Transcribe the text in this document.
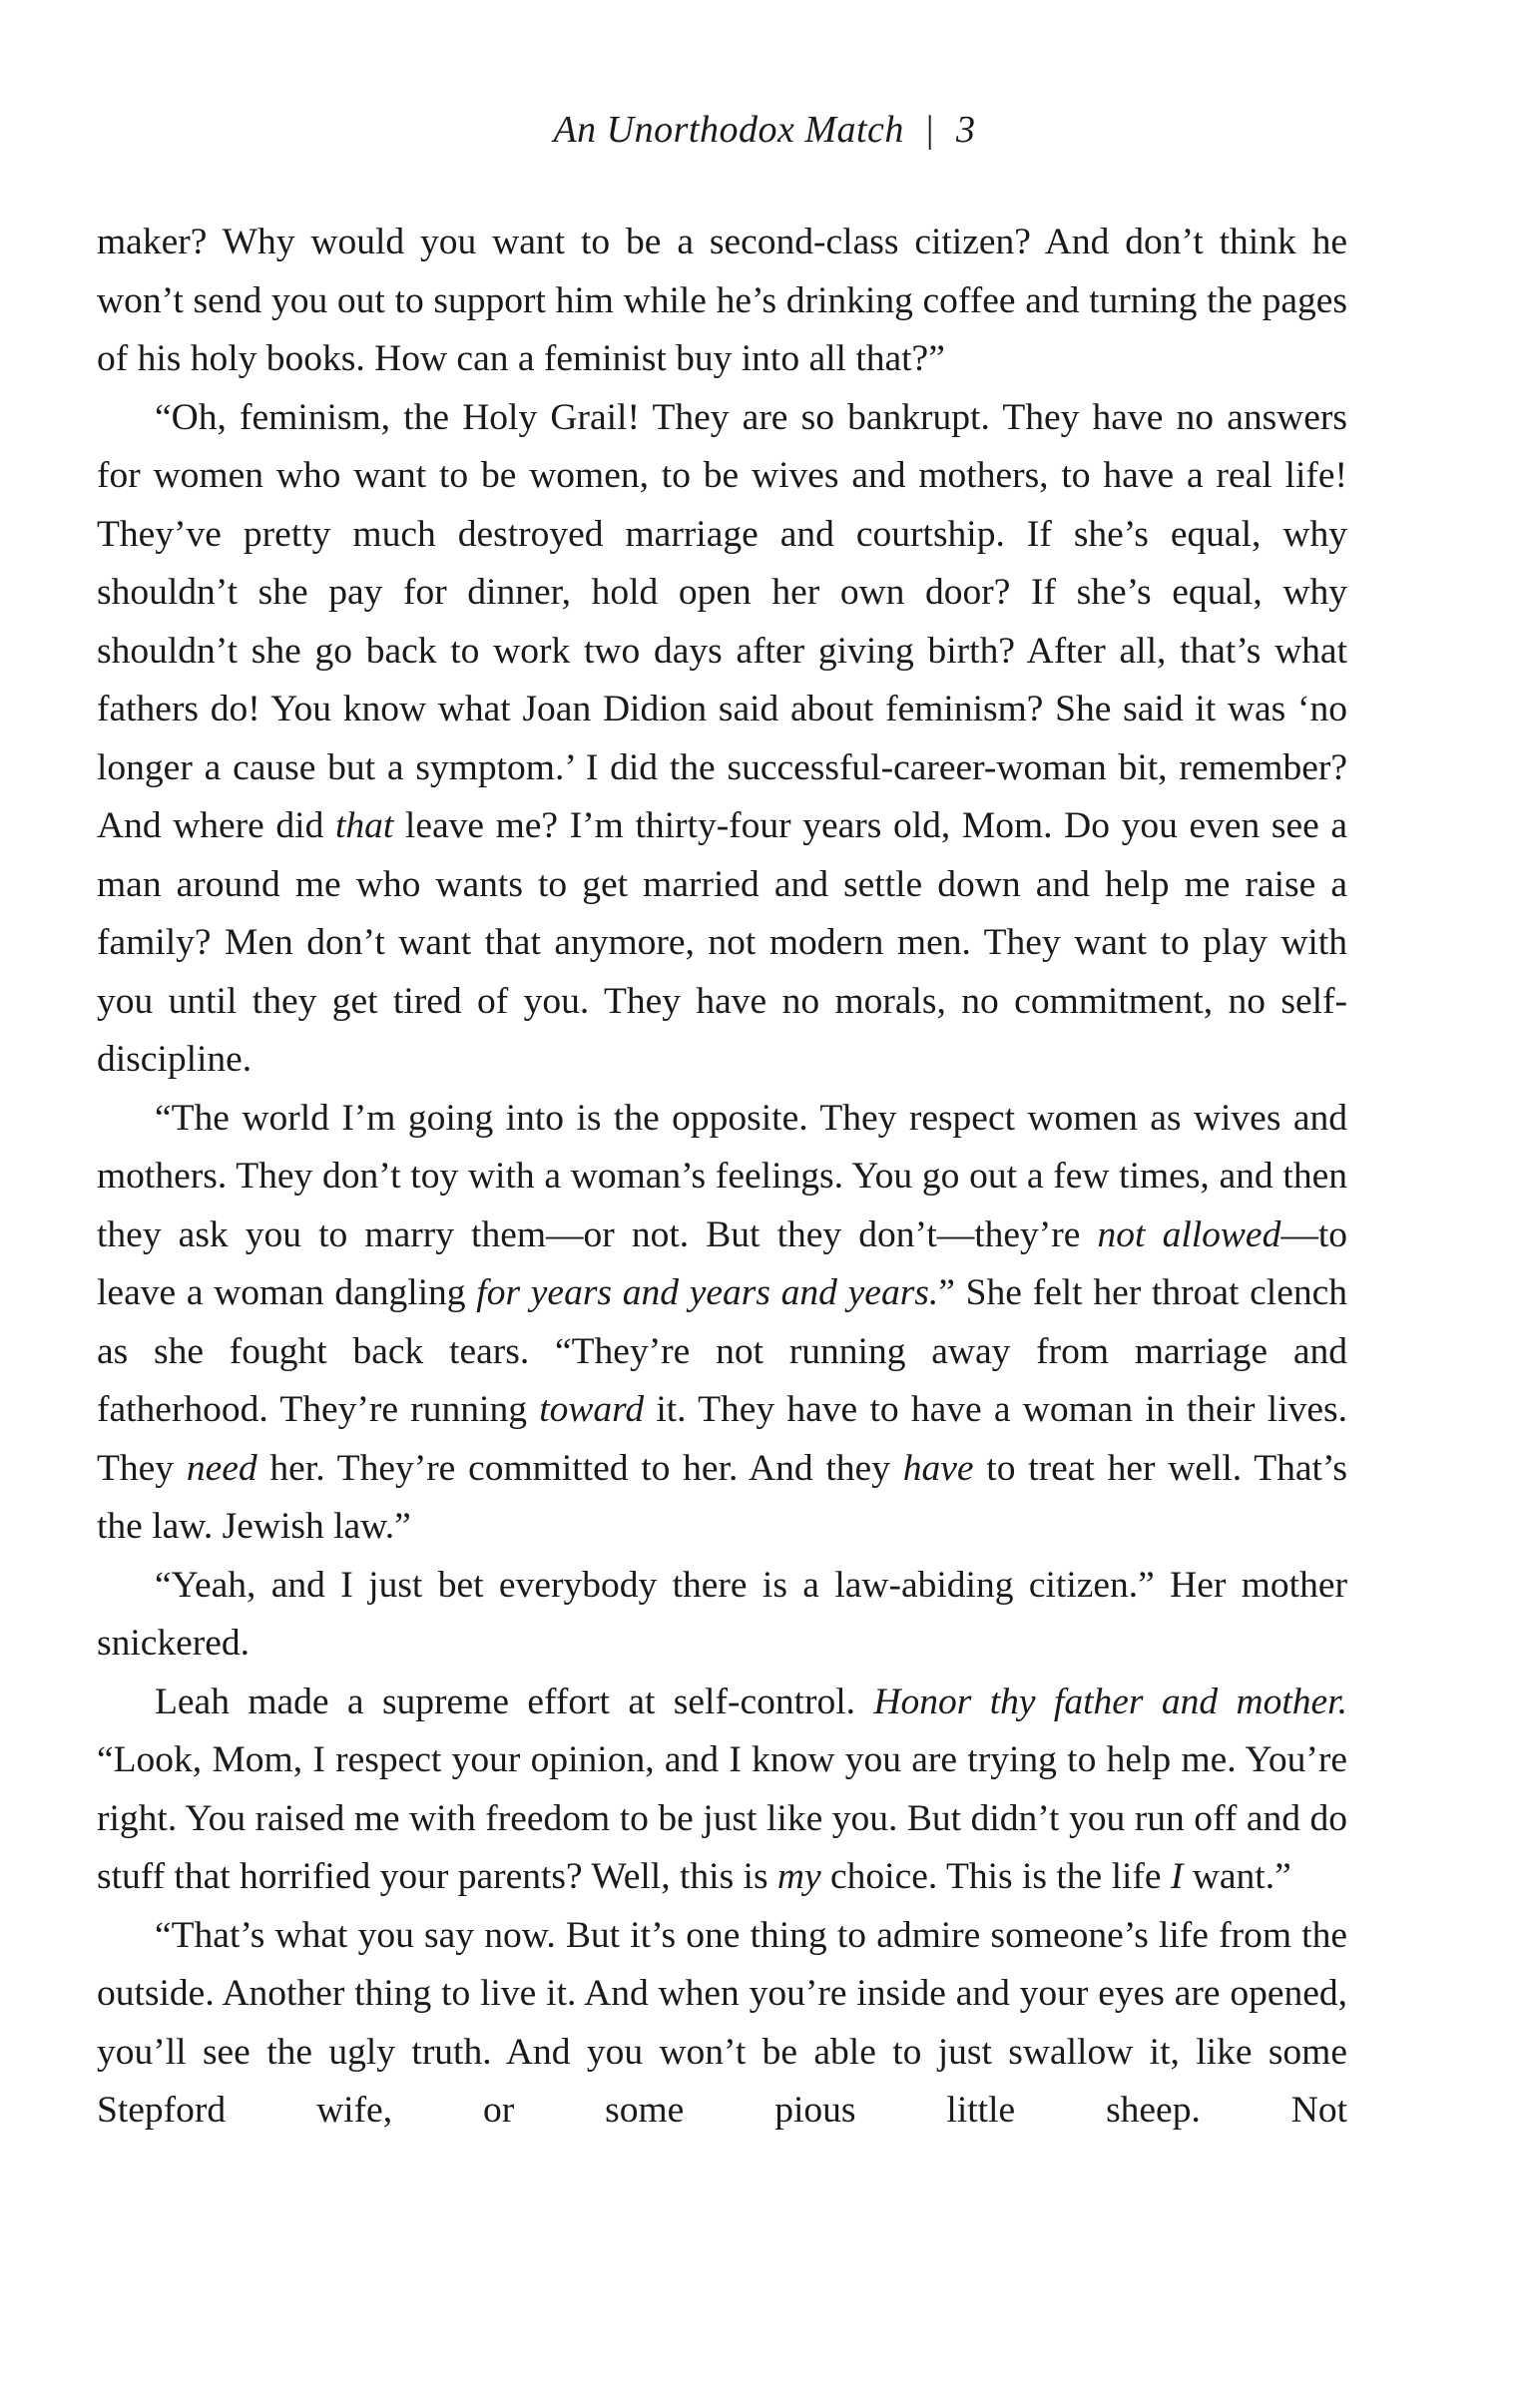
An Unorthodox Match | 3

maker? Why would you want to be a second-class citizen? And don’t think he won’t send you out to support him while he’s drinking coffee and turning the pages of his holy books. How can a feminist buy into all that?”

“Oh, feminism, the Holy Grail! They are so bankrupt. They have no answers for women who want to be women, to be wives and mothers, to have a real life! They’ve pretty much destroyed marriage and courtship. If she’s equal, why shouldn’t she pay for dinner, hold open her own door? If she’s equal, why shouldn’t she go back to work two days after giving birth? After all, that’s what fathers do! You know what Joan Didion said about feminism? She said it was ‘no longer a cause but a symptom.’ I did the successful-career-woman bit, remember? And where did that leave me? I’m thirty-four years old, Mom. Do you even see a man around me who wants to get married and settle down and help me raise a family? Men don’t want that anymore, not modern men. They want to play with you until they get tired of you. They have no morals, no commitment, no self-discipline.

“The world I’m going into is the opposite. They respect women as wives and mothers. They don’t toy with a woman’s feelings. You go out a few times, and then they ask you to marry them—or not. But they don’t—they’re not allowed—to leave a woman dangling for years and years and years.” She felt her throat clench as she fought back tears. “They’re not running away from marriage and fatherhood. They’re running toward it. They have to have a woman in their lives. They need her. They’re committed to her. And they have to treat her well. That’s the law. Jewish law.”

“Yeah, and I just bet everybody there is a law-abiding citizen.” Her mother snickered.

Leah made a supreme effort at self-control. Honor thy father and mother. “Look, Mom, I respect your opinion, and I know you are trying to help me. You’re right. You raised me with freedom to be just like you. But didn’t you run off and do stuff that horrified your parents? Well, this is my choice. This is the life I want.”

“That’s what you say now. But it’s one thing to admire someone’s life from the outside. Another thing to live it. And when you’re inside and your eyes are opened, you’ll see the ugly truth. And you won’t be able to just swallow it, like some Stepford wife, or some pious little sheep. Not
